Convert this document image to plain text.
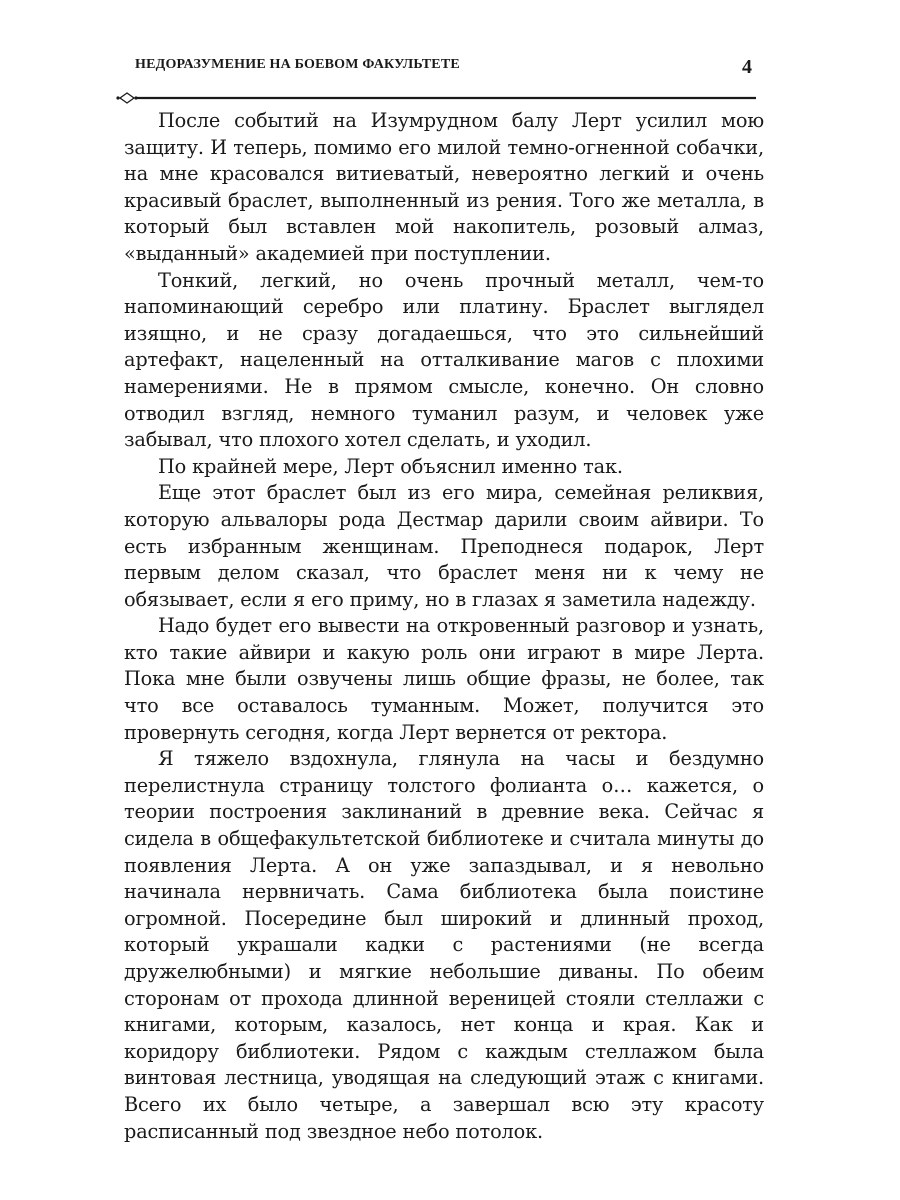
НЕДОРАЗУМЕНИЕ НА БОЕВОМ ФАКУЛЬТЕТЕ	4

После событий на Изумрудном балу Лерт усилил мою защиту. И теперь, помимо его милой темно-огненной собачки, на мне красовался витиеватый, невероятно легкий и очень красивый браслет, выполненный из рения. Того же металла, в который был вставлен мой накопитель, розовый алмаз, «выданный» академией при поступлении.

Тонкий, легкий, но очень прочный металл, чем-то напоминающий серебро или платину. Браслет выглядел изящно, и не сразу догадаешься, что это сильнейший артефакт, нацеленный на отталкивание магов с плохими намерениями. Не в прямом смысле, конечно. Он словно отводил взгляд, немного туманил разум, и человек уже забывал, что плохого хотел сделать, и уходил.

По крайней мере, Лерт объяснил именно так.

Еще этот браслет был из его мира, семейная реликвия, которую альвалоры рода Дестмар дарили своим айвири. То есть избранным женщинам. Преподнеся подарок, Лерт первым делом сказал, что браслет меня ни к чему не обязывает, если я его приму, но в глазах я заметила надежду.

Надо будет его вывести на откровенный разговор и узнать, кто такие айвири и какую роль они играют в мире Лерта. Пока мне были озвучены лишь общие фразы, не более, так что все оставалось туманным. Может, получится это провернуть сегодня, когда Лерт вернется от ректора.

Я тяжело вздохнула, глянула на часы и бездумно перелистнула страницу толстого фолианта о… кажется, о теории построения заклинаний в древние века. Сейчас я сидела в общефакультетской библиотеке и считала минуты до появления Лерта. А он уже запаздывал, и я невольно начинала нервничать. Сама библиотека была поистине огромной. Посередине был широкий и длинный проход, который украшали кадки с растениями (не всегда дружелюбными) и мягкие небольшие диваны. По обеим сторонам от прохода длинной вереницей стояли стеллажи с книгами, которым, казалось, нет конца и края. Как и коридору библиотеки. Рядом с каждым стеллажом была винтовая лестница, уводящая на следующий этаж с книгами. Всего их было четыре, а завершал всю эту красоту расписанный под звездное небо потолок.
